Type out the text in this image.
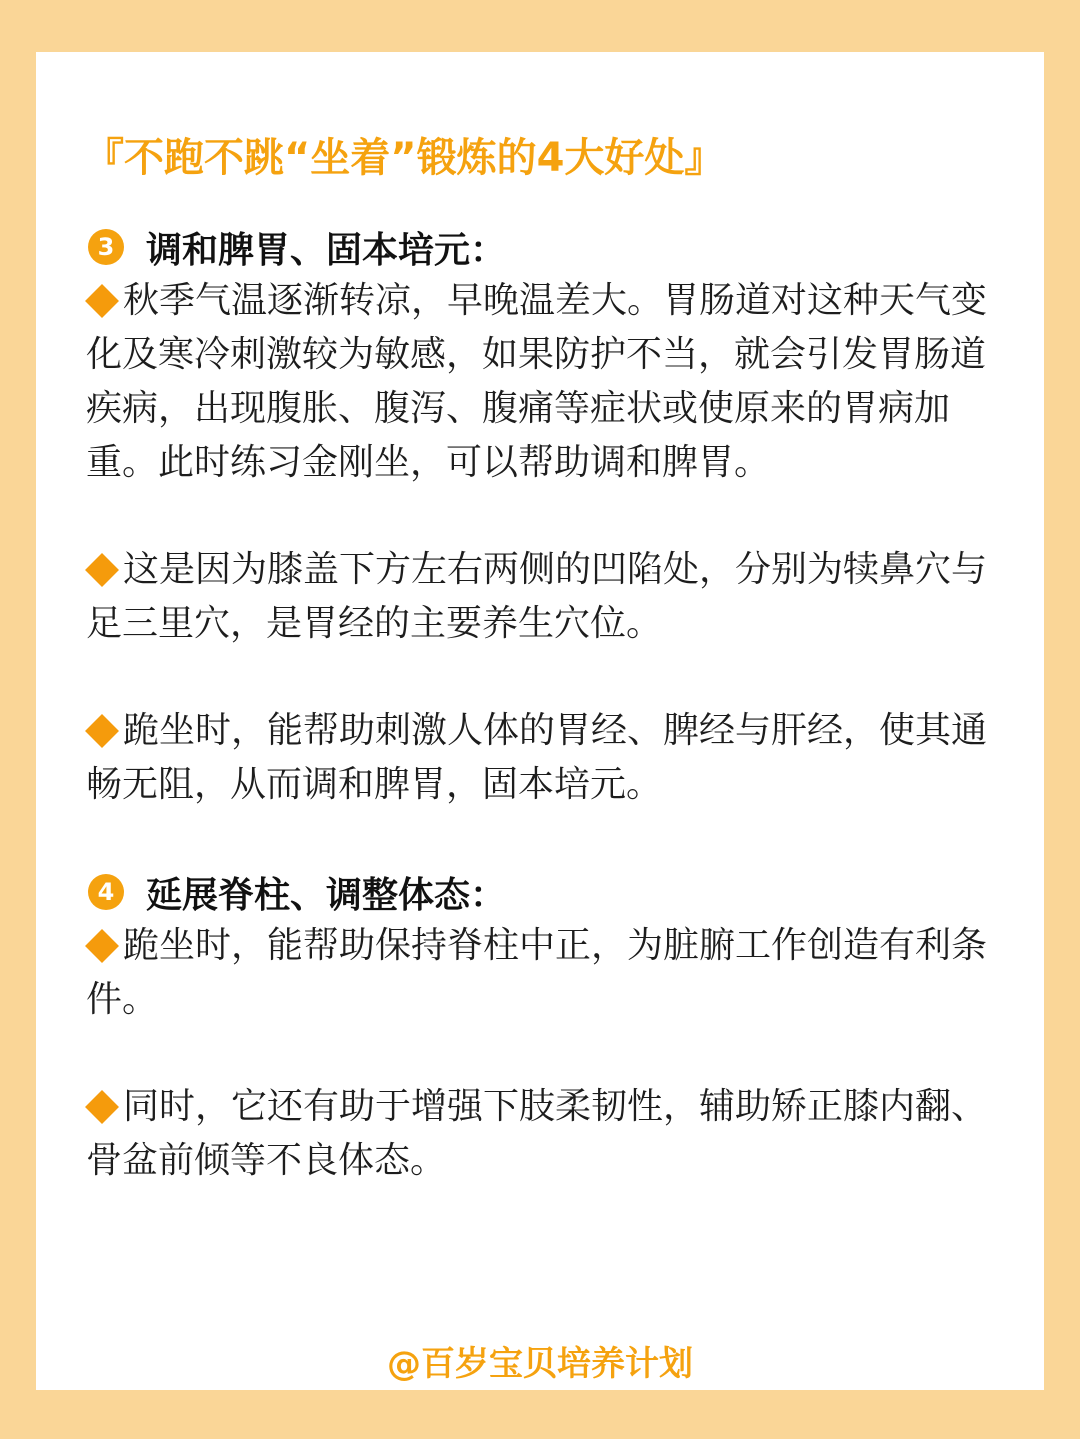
『不跑不跳“坐着”锻炼的4大好处』
3 调和脾胃、固本培元：

秋季气温逐渐转凉，早晚温差大。胃肠道对这种天气变化及寒冷刺激较为敏感，如果防护不当，就会引发胃肠道疾病，出现腹胀、腹泻、腹痛等症状或使原来的胃病加重。此时练习金刚坐，可以帮助调和脾胃。

这是因为膝盖下方左右两侧的凹陷处，分别为犊鼻穴与足三里穴，是胃经的主要养生穴位。

跪坐时，能帮助刺激人体的胃经、脾经与肝经，使其通畅无阻，从而调和脾胃，固本培元。

4 延展脊柱、调整体态：

跪坐时，能帮助保持脊柱中正，为脏腑工作创造有利条件。

同时，它还有助于增强下肢柔韧性，辅助矫正膝内翻、骨盆前倾等不良体态。

@百岁宝贝培养计划
